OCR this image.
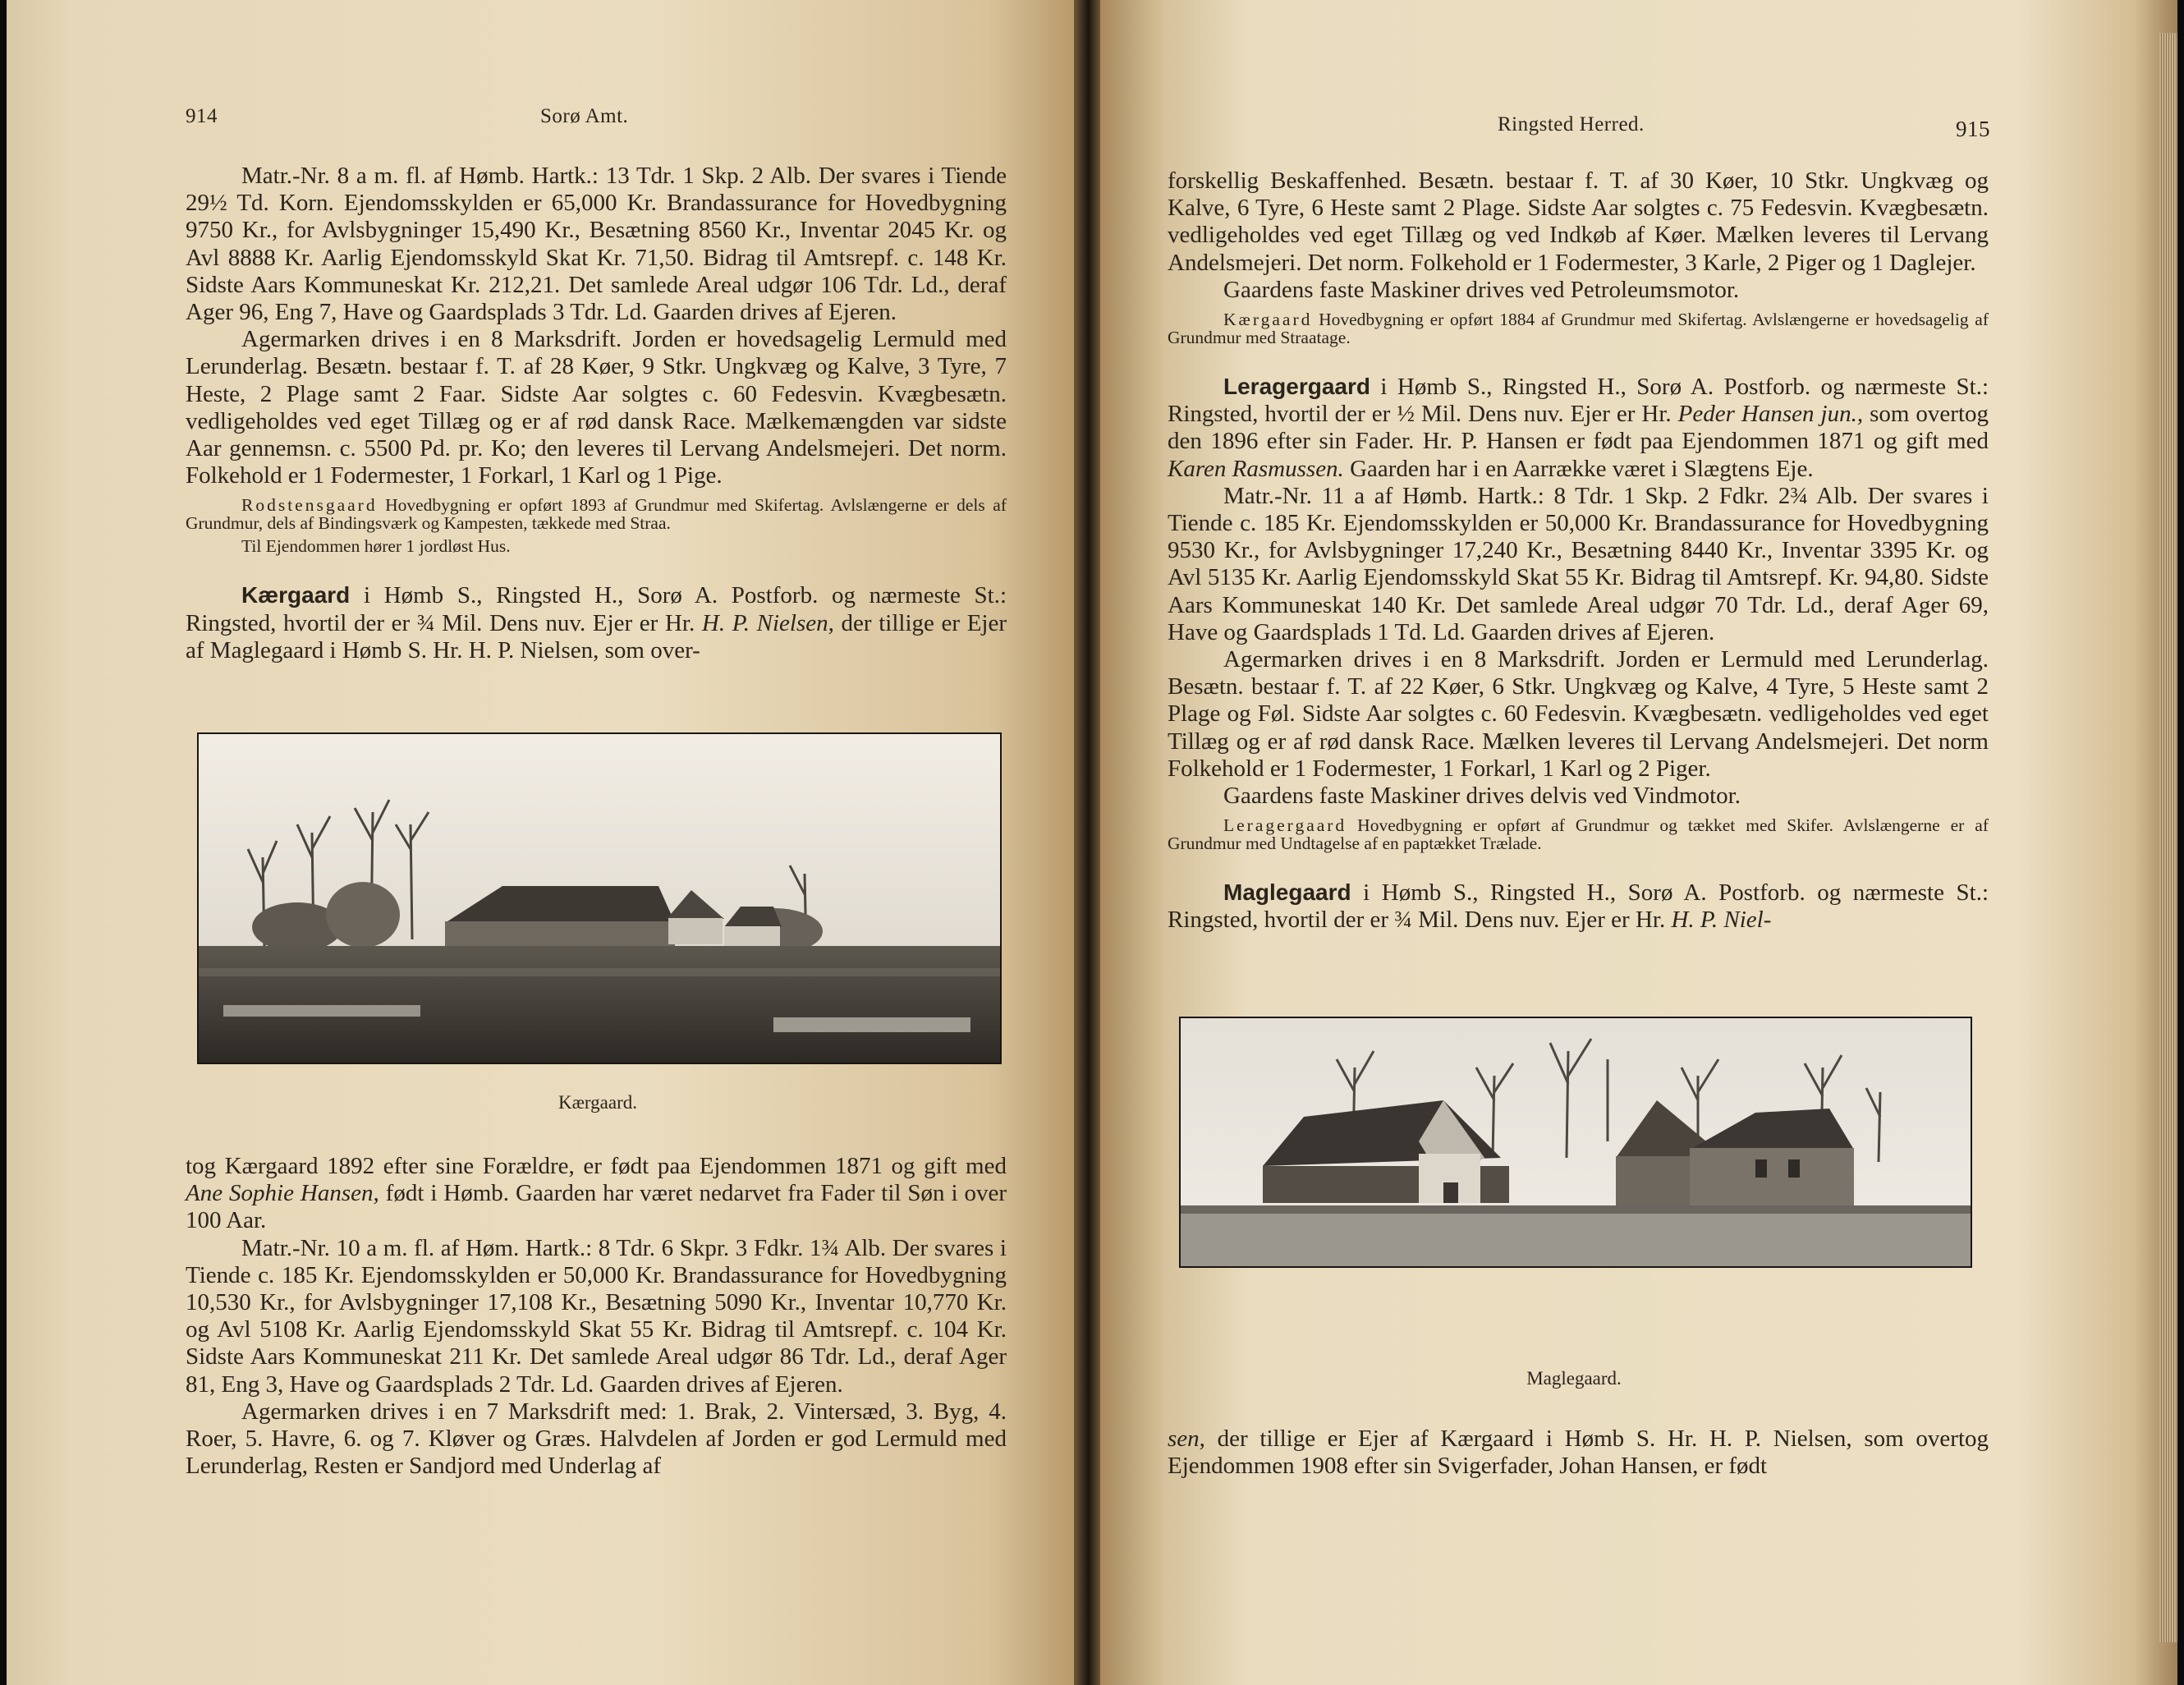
914	Sorø Amt.

Matr.-Nr. 8 a m. fl. af Hømb. Hartk.: 13 Tdr. 1 Skp. 2 Alb. Der svares i Tiende 29½ Td. Korn. Ejendomsskylden er 65,000 Kr. Brandassurance for Hovedbygning 9750 Kr., for Avlsbygninger 15,490 Kr., Besætning 8560 Kr., Inventar 2045 Kr. og Avl 8888 Kr. Aarlig Ejendomsskyld Skat Kr. 71,50. Bidrag til Amtsrepf. c. 148 Kr. Sidste Aars Kommuneskat Kr. 212,21. Det samlede Areal udgør 106 Tdr. Ld., deraf Ager 96, Eng 7, Have og Gaardsplads 3 Tdr. Ld. Gaarden drives af Ejeren.

Agermarken drives i en 8 Marksdrift. Jorden er hovedsagelig Lermuld med Lerunderlag. Besætn. bestaar f. T. af 28 Køer, 9 Stkr. Ungkvæg og Kalve, 3 Tyre, 7 Heste, 2 Plage samt 2 Faar. Sidste Aar solgtes c. 60 Fedesvin. Kvægbesætn. vedligeholdes ved eget Tillæg og er af rød dansk Race. Mælkemængden var sidste Aar gennemsn. c. 5500 Pd. pr. Ko; den leveres til Lervang Andelsmejeri. Det norm. Folkehold er 1 Fodermester, 1 Forkarl, 1 Karl og 1 Pige.

Rodstensgaard Hovedbygning er opført 1893 af Grundmur med Skifertag. Avlslængerne er dels af Grundmur, dels af Bindingsværk og Kampesten, tækkede med Straa.

Til Ejendommen hører 1 jordløst Hus.

Kærgaard i Hømb S., Ringsted H., Sorø A. Postforb. og nærmeste St.: Ringsted, hvortil der er ¾ Mil. Dens nuv. Ejer er Hr. H. P. Nielsen, der tillige er Ejer af Maglegaard i Hømb S. Hr. H. P. Nielsen, som over-

Kærgaard.

tog Kærgaard 1892 efter sine Forældre, er født paa Ejendommen 1871 og gift med Ane Sophie Hansen, født i Hømb. Gaarden har været nedarvet fra Fader til Søn i over 100 Aar.

Matr.-Nr. 10 a m. fl. af Høm. Hartk.: 8 Tdr. 6 Skpr. 3 Fdkr. 1¾ Alb. Der svares i Tiende c. 185 Kr. Ejendomsskylden er 50,000 Kr. Brandassurance for Hovedbygning 10,530 Kr., for Avlsbygninger 17,108 Kr., Besætning 5090 Kr., Inventar 10,770 Kr. og Avl 5108 Kr. Aarlig Ejendomsskyld Skat 55 Kr. Bidrag til Amtsrepf. c. 104 Kr. Sidste Aars Kommuneskat 211 Kr. Det samlede Areal udgør 86 Tdr. Ld., deraf Ager 81, Eng 3, Have og Gaardsplads 2 Tdr. Ld. Gaarden drives af Ejeren.

Agermarken drives i en 7 Marksdrift med: 1. Brak, 2. Vintersæd, 3. Byg, 4. Roer, 5. Havre, 6. og 7. Kløver og Græs. Halvdelen af Jorden er god Lermuld med Lerunderlag, Resten er Sandjord med Underlag af

Ringsted Herred.	915

forskellig Beskaffenhed. Besætn. bestaar f. T. af 30 Køer, 10 Stkr. Ungkvæg og Kalve, 6 Tyre, 6 Heste samt 2 Plage. Sidste Aar solgtes c. 75 Fedesvin. Kvægbesætn. vedligeholdes ved eget Tillæg og ved Indkøb af Køer. Mælken leveres til Lervang Andelsmejeri. Det norm. Folkehold er 1 Fodermester, 3 Karle, 2 Piger og 1 Daglejer.

Gaardens faste Maskiner drives ved Petroleumsmotor.

Kærgaard Hovedbygning er opført 1884 af Grundmur med Skifertag. Avlslængerne er hovedsagelig af Grundmur med Straatage.

Leragergaard i Hømb S., Ringsted H., Sorø A. Postforb. og nærmeste St.: Ringsted, hvortil der er ½ Mil. Dens nuv. Ejer er Hr. Peder Hansen jun., som overtog den 1896 efter sin Fader. Hr. P. Hansen er født paa Ejendommen 1871 og gift med Karen Rasmussen. Gaarden har i en Aarrække været i Slægtens Eje.

Matr.-Nr. 11 a af Hømb. Hartk.: 8 Tdr. 1 Skp. 2 Fdkr. 2¾ Alb. Der svares i Tiende c. 185 Kr. Ejendomsskylden er 50,000 Kr. Brandassurance for Hovedbygning 9530 Kr., for Avlsbygninger 17,240 Kr., Besætning 8440 Kr., Inventar 3395 Kr. og Avl 5135 Kr. Aarlig Ejendomsskyld Skat 55 Kr. Bidrag til Amtsrepf. Kr. 94,80. Sidste Aars Kommuneskat 140 Kr. Det samlede Areal udgør 70 Tdr. Ld., deraf Ager 69, Have og Gaardsplads 1 Td. Ld. Gaarden drives af Ejeren.

Agermarken drives i en 8 Marksdrift. Jorden er Lermuld med Lerunderlag. Besætn. bestaar f. T. af 22 Køer, 6 Stkr. Ungkvæg og Kalve, 4 Tyre, 5 Heste samt 2 Plage og Føl. Sidste Aar solgtes c. 60 Fedesvin. Kvægbesætn. vedligeholdes ved eget Tillæg og er af rød dansk Race. Mælken leveres til Lervang Andelsmejeri. Det norm Folkehold er 1 Fodermester, 1 Forkarl, 1 Karl og 2 Piger.

Gaardens faste Maskiner drives delvis ved Vindmotor.

Leragergaard Hovedbygning er opført af Grundmur og tækket med Skifer. Avlslængerne er af Grundmur med Undtagelse af en paptækket Trælade.

Maglegaard i Hømb S., Ringsted H., Sorø A. Postforb. og nærmeste St.: Ringsted, hvortil der er ¾ Mil. Dens nuv. Ejer er Hr. H. P. Niel-

Maglegaard.

sen, der tillige er Ejer af Kærgaard i Hømb S. Hr. H. P. Nielsen, som overtog Ejendommen 1908 efter sin Svigerfader, Johan Hansen, er født
